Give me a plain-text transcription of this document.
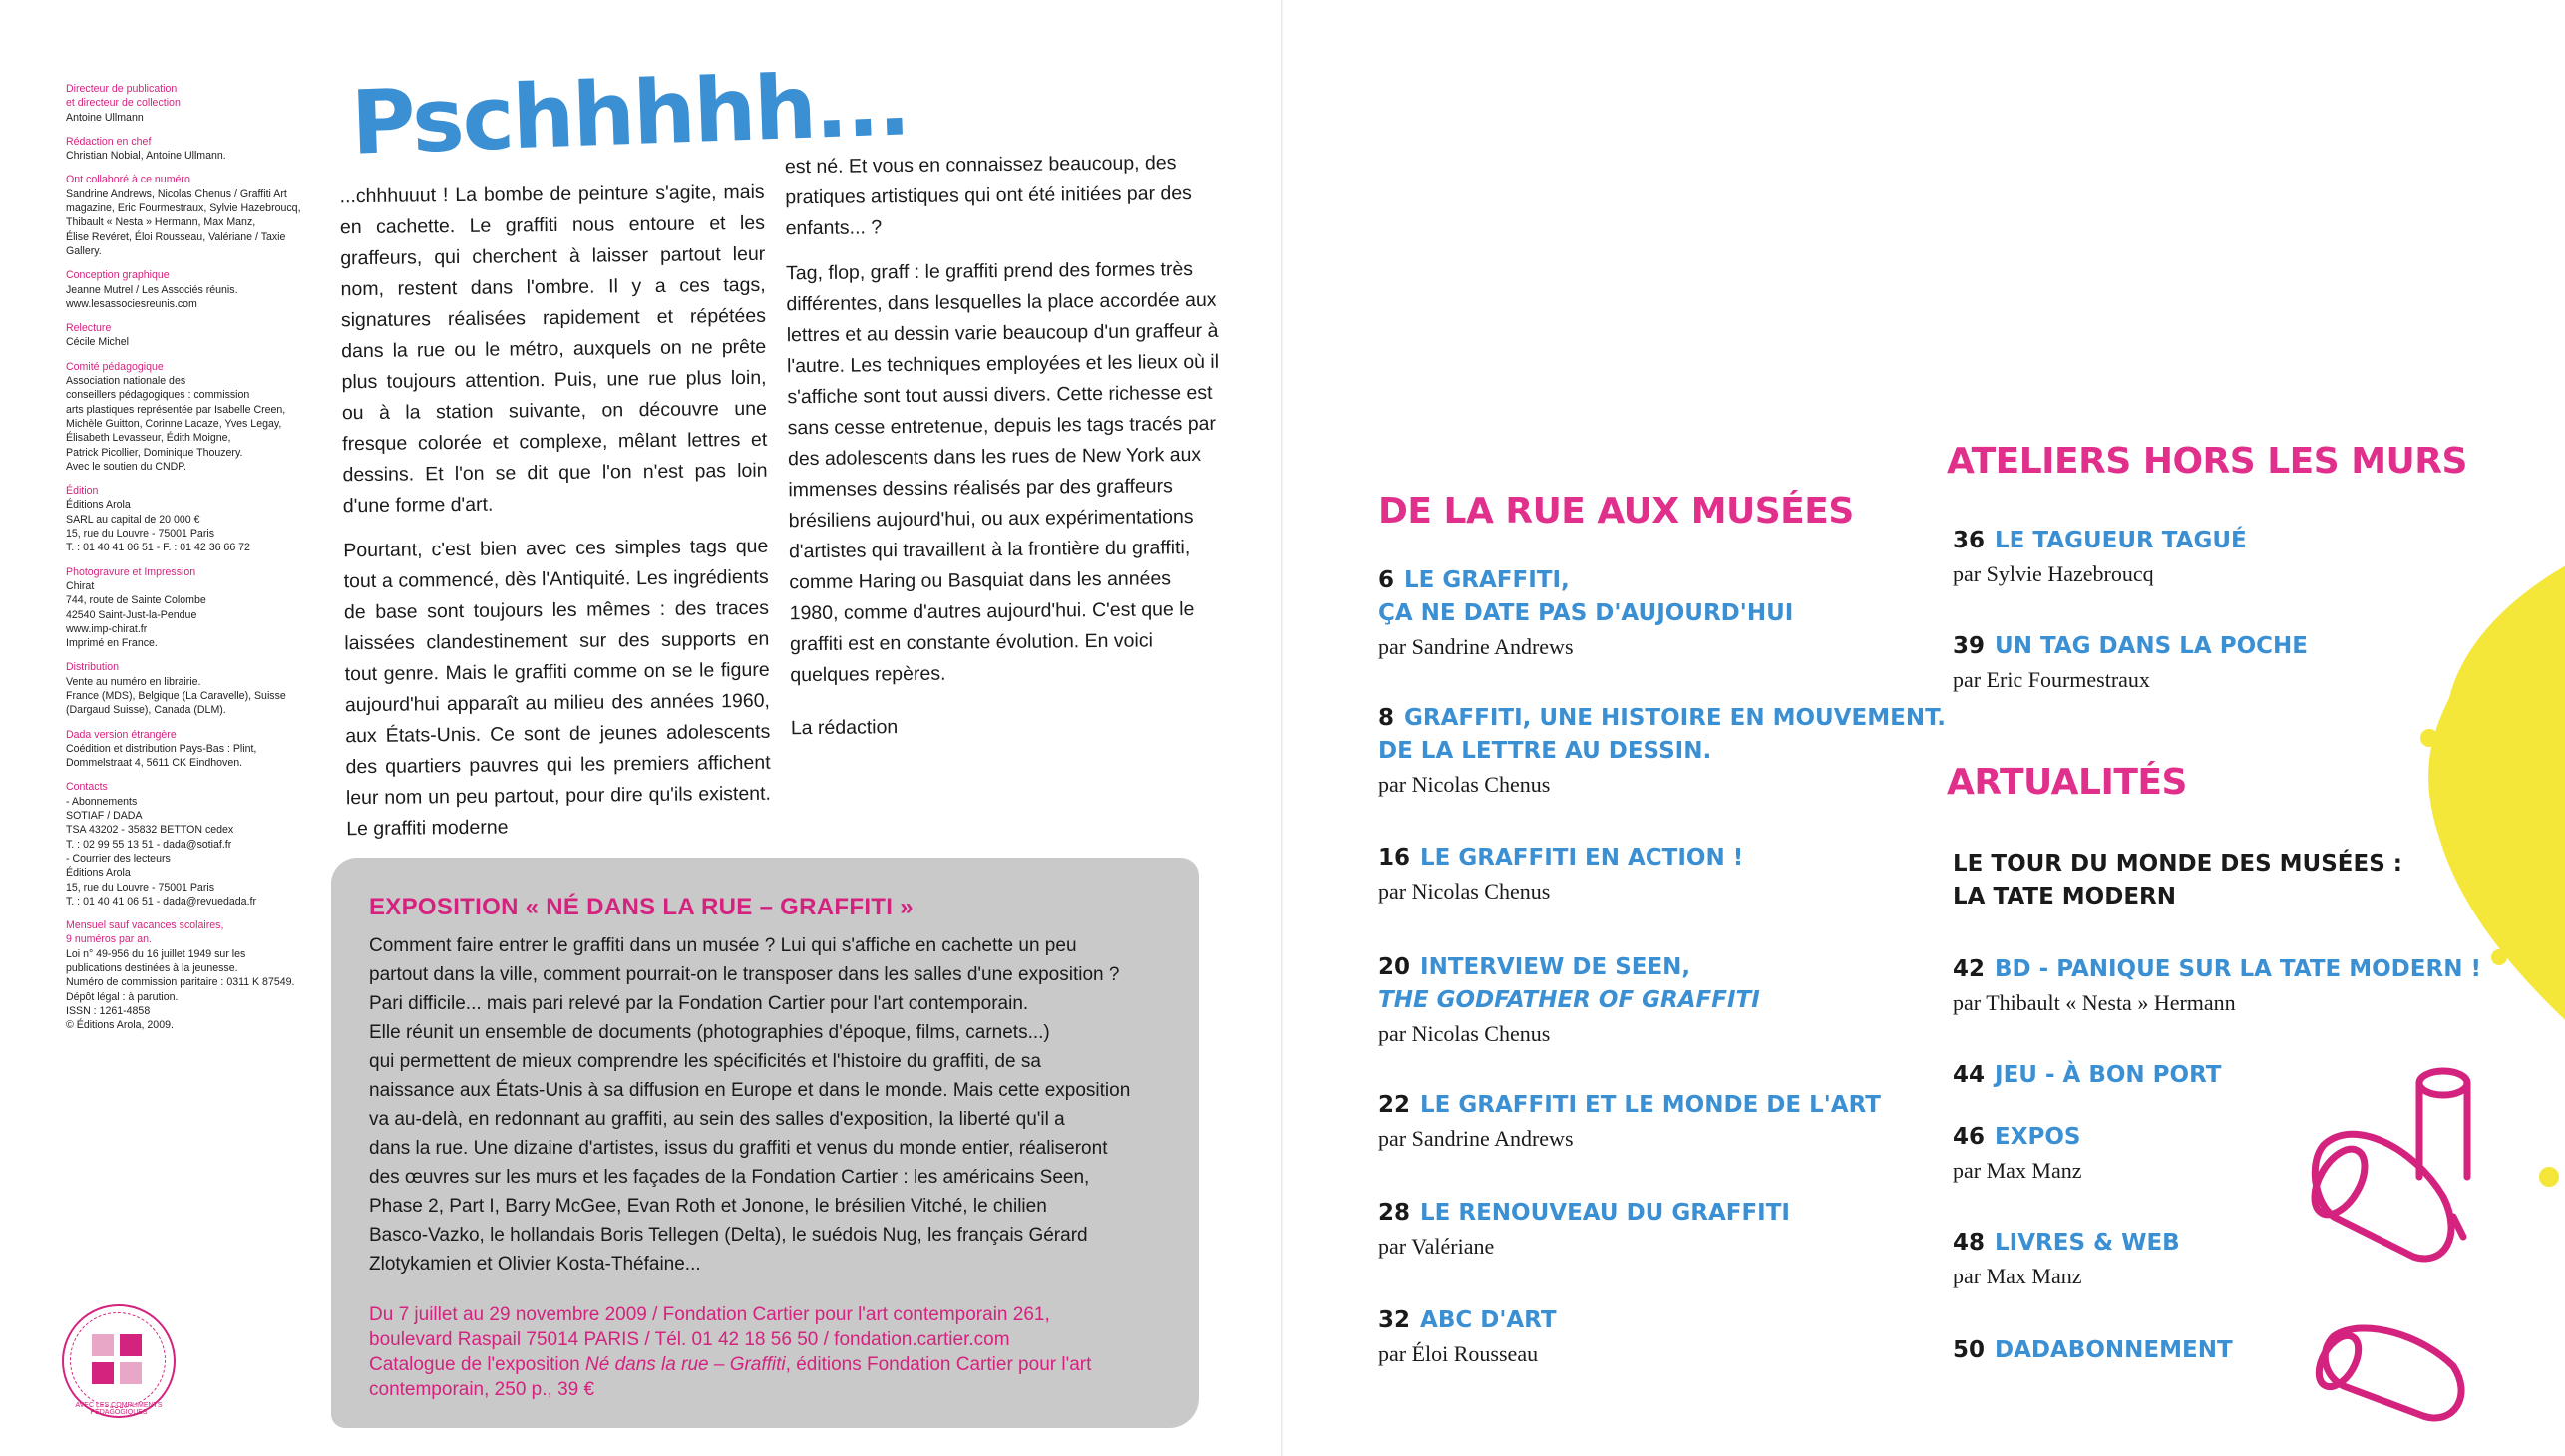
Directeur de publication
et directeur de collection
Antoine Ullmann
Rédaction en chef
Christian Nobial, Antoine Ullmann.
Ont collaboré à ce numéro
Sandrine Andrews, Nicolas Chenus / Graffiti Art
magazine, Eric Fourmestraux, Sylvie Hazebroucq,
Thibault « Nesta » Hermann, Max Manz,
Élise Revéret, Éloi Rousseau, Valériane / Taxie
Gallery.
Conception graphique
Jeanne Mutrel / Les Associés réunis.
www.lesassociesreunis.com
Relecture
Cécile Michel
Comité pédagogique
Association nationale des
conseillers pédagogiques : commission
arts plastiques représentée par Isabelle Creen,
Michèle Guitton, Corinne Lacaze, Yves Legay,
Élisabeth Levasseur, Édith Moigne,
Patrick Picollier, Dominique Thouzery.
Avec le soutien du CNDP.
Édition
Éditions Arola
SARL au capital de 20 000 €
15, rue du Louvre - 75001 Paris
T. : 01 40 41 06 51 - F. : 01 42 36 66 72
Photogravure et Impression
Chirat
744, route de Sainte Colombe
42540 Saint-Just-la-Pendue
www.imp-chirat.fr
Imprimé en France.
Distribution
Vente au numéro en librairie.
France (MDS), Belgique (La Caravelle), Suisse
(Dargaud Suisse), Canada (DLM).
Dada version étrangère
Coédition et distribution Pays-Bas : Plint,
Dommelstraat 4, 5611 CK Eindhoven.
Contacts
- Abonnements
SOTIAF / DADA
TSA 43202 - 35832 BETTON cedex
T. : 02 99 55 13 51 - dada@sotiaf.fr
- Courrier des lecteurs
Éditions Arola
15, rue du Louvre - 75001 Paris
T. : 01 40 41 06 51 - dada@revuedada.fr
Mensuel sauf vacances scolaires,
9 numéros par an.
Loi n° 49-956 du 16 juillet 1949 sur les
publications destinées à la jeunesse.
Numéro de commission paritaire : 0311 K 87549.
Dépôt légal : à parution.
ISSN : 1261-4858
© Éditions Arola, 2009.
AVEC LES COMPLIMENTS PÉDAGOGIQUES
Pschhhhh...

...chhhuuut ! La bombe de peinture s'agite, mais en cachette. Le graffiti nous entoure et les graffeurs, qui cherchent à laisser partout leur nom, restent dans l'ombre. Il y a ces tags, signatures réalisées rapidement et répétées dans la rue ou le métro, auxquels on ne prête plus toujours attention. Puis, une rue plus loin, ou à la station suivante, on découvre une fresque colorée et complexe, mêlant lettres et dessins. Et l'on se dit que l'on n'est pas loin d'une forme d'art.

Pourtant, c'est bien avec ces simples tags que tout a commencé, dès l'Antiquité. Les ingrédients de base sont toujours les mêmes : des traces laissées clandestinement sur des supports en tout genre. Mais le graffiti comme on se le figure aujourd'hui apparaît au milieu des années 1960, aux États-Unis. Ce sont de jeunes adolescents des quartiers pauvres qui les premiers affichent leur nom un peu partout, pour dire qu'ils existent. Le graffiti moderne

est né. Et vous en connaissez beaucoup, des pratiques artistiques qui ont été initiées par des enfants... ?

Tag, flop, graff : le graffiti prend des formes très différentes, dans lesquelles la place accordée aux lettres et au dessin varie beaucoup d'un graffeur à l'autre. Les techniques employées et les lieux où il s'affiche sont tout aussi divers. Cette richesse est sans cesse entretenue, depuis les tags tracés par des adolescents dans les rues de New York aux immenses dessins réalisés par des graffeurs brésiliens aujourd'hui, ou aux expérimentations d'artistes qui travaillent à la frontière du graffiti, comme Haring ou Basquiat dans les années 1980, comme d'autres aujourd'hui. C'est que le graffiti est en constante évolution. En voici quelques repères.

La rédaction

EXPOSITION « NÉ DANS LA RUE – GRAFFITI »
Comment faire entrer le graffiti dans un musée ? Lui qui s'affiche en cachette un peu
partout dans la ville, comment pourrait-on le transposer dans les salles d'une exposition ?
Pari difficile... mais pari relevé par la Fondation Cartier pour l'art contemporain.
Elle réunit un ensemble de documents (photographies d'époque, films, carnets...)
qui permettent de mieux comprendre les spécificités et l'histoire du graffiti, de sa
naissance aux États-Unis à sa diffusion en Europe et dans le monde. Mais cette exposition
va au-delà, en redonnant au graffiti, au sein des salles d'exposition, la liberté qu'il a
dans la rue. Une dizaine d'artistes, issus du graffiti et venus du monde entier, réaliseront
des œuvres sur les murs et les façades de la Fondation Cartier : les américains Seen,
Phase 2, Part I, Barry McGee, Evan Roth et Jonone, le brésilien Vitché, le chilien
Basco-Vazko, le hollandais Boris Tellegen (Delta), le suédois Nug, les français Gérard
Zlotykamien et Olivier Kosta-Théfaine...
Du 7 juillet au 29 novembre 2009 / Fondation Cartier pour l'art contemporain 261,
boulevard Raspail 75014 PARIS / Tél. 01 42 18 56 50 / fondation.cartier.com
Catalogue de l'exposition Né dans la rue – Graffiti, éditions Fondation Cartier pour l'art
contemporain, 250 p., 39 €
DE LA RUE AUX MUSÉES
ATELIERS HORS LES MURS
ARTUALITÉS
6 LE GRAFFITI,
ÇA NE DATE PAS D'AUJOURD'HUI
par Sandrine Andrews
8 GRAFFITI, UNE HISTOIRE EN MOUVEMENT.
DE LA LETTRE AU DESSIN.
par Nicolas Chenus
16 LE GRAFFITI EN ACTION !
par Nicolas Chenus
20 INTERVIEW DE SEEN,
THE GODFATHER OF GRAFFITI
par Nicolas Chenus
22 LE GRAFFITI ET LE MONDE DE L'ART
par Sandrine Andrews
28 LE RENOUVEAU DU GRAFFITI
par Valériane
32 ABC D'ART
par Éloi Rousseau
36 LE TAGUEUR TAGUÉ
par Sylvie Hazebroucq
39 UN TAG DANS LA POCHE
par Eric Fourmestraux
LE TOUR DU MONDE DES MUSÉES :
LA TATE MODERN
42 BD - PANIQUE SUR LA TATE MODERN !
par Thibault « Nesta » Hermann
44 JEU - À BON PORT
46 EXPOS
par Max Manz
48 LIVRES & WEB
par Max Manz
50 DADABONNEMENT
